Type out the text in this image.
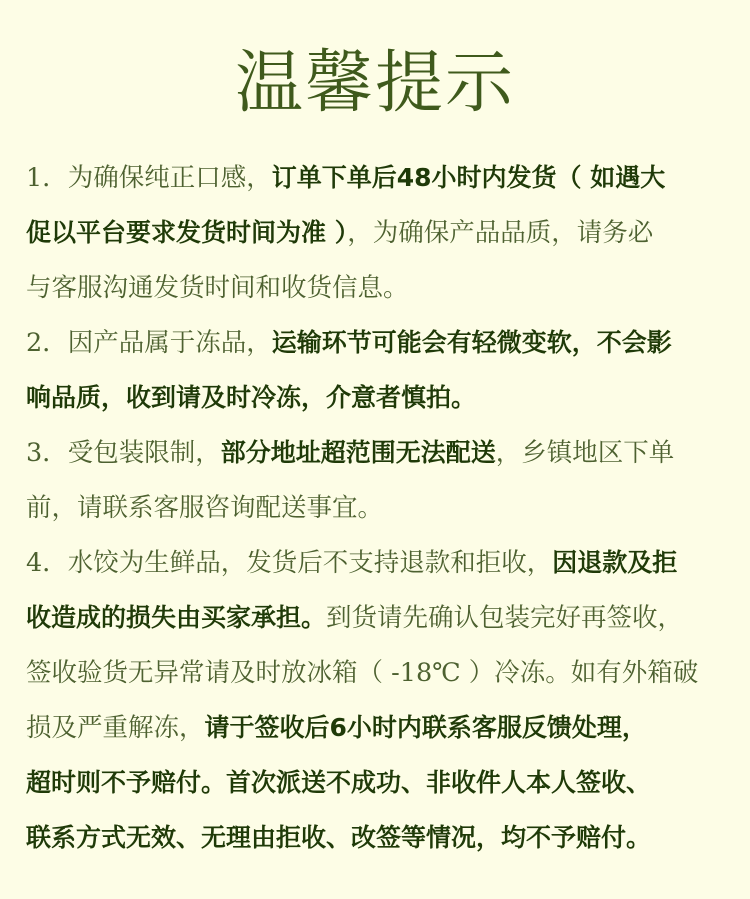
温馨提示
1．为确保纯正口感，订单下单后48小时内发货（ 如遇大
促以平台要求发货时间为准 ），为确保产品品质，请务必
与客服沟通发货时间和收货信息。
2．因产品属于冻品，运输环节可能会有轻微变软，不会影
响品质，收到请及时冷冻，介意者慎拍。
3．受包装限制，部分地址超范围无法配送，乡镇地区下单
前，请联系客服咨询配送事宜。
4．水饺为生鲜品，发货后不支持退款和拒收，因退款及拒
收造成的损失由买家承担。到货请先确认包装完好再签收，
签收验货无异常请及时放冰箱（ -18℃ ）冷冻。如有外箱破
损及严重解冻，请于签收后6小时内联系客服反馈处理，
超时则不予赔付。首次派送不成功、非收件人本人签收、
联系方式无效、无理由拒收、改签等情况，均不予赔付。
